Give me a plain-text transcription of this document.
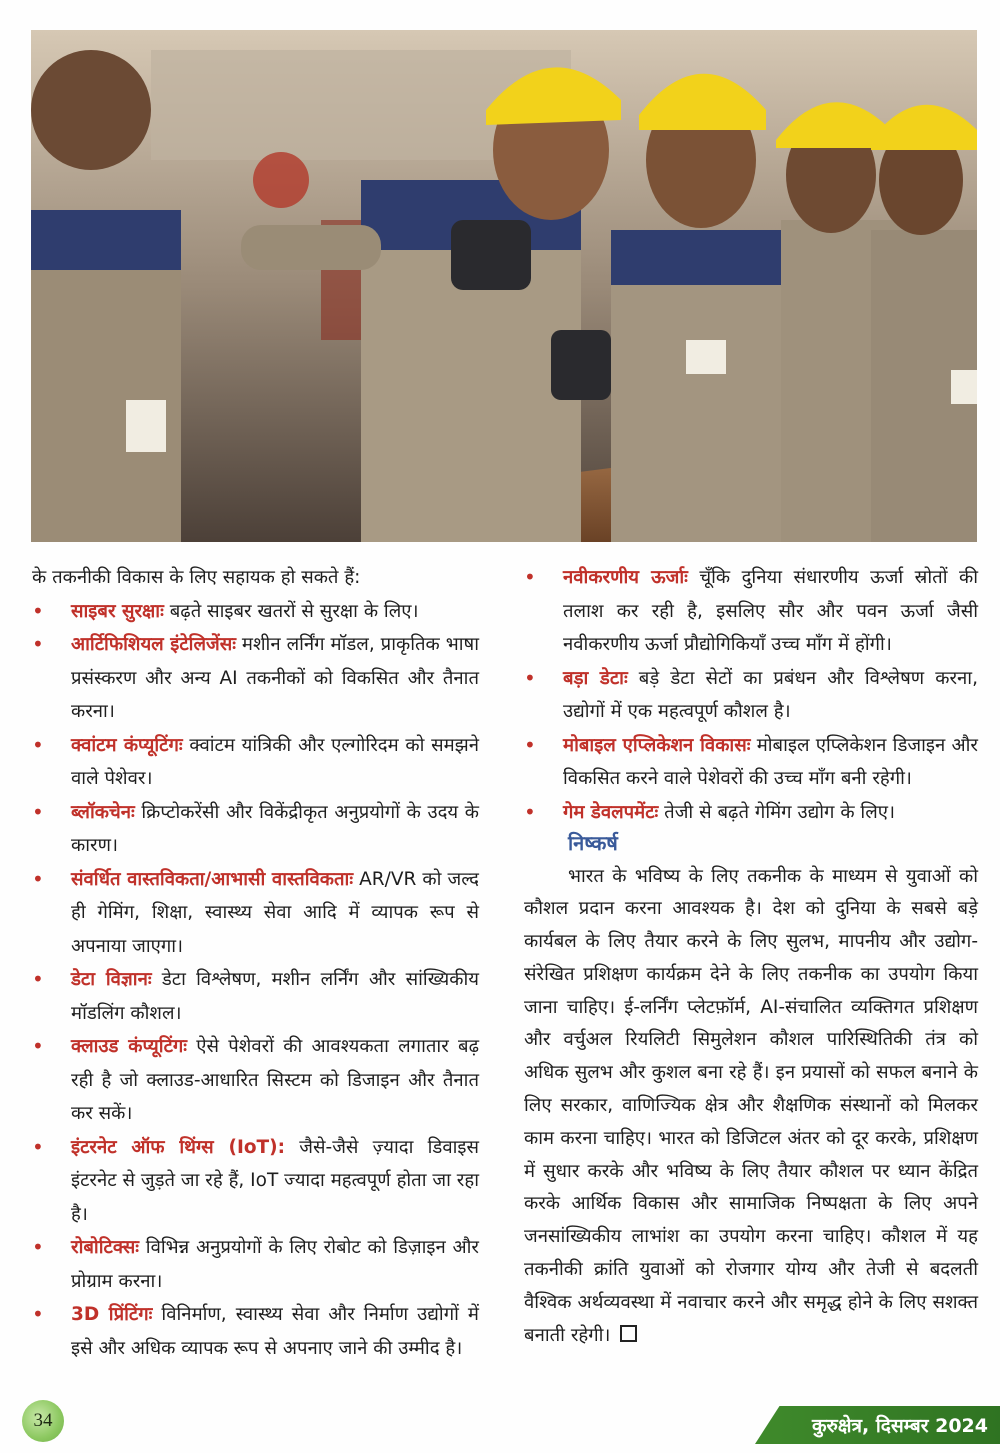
के तकनीकी विकास के लिए सहायक हो सकते हैं:

• साइबर सुरक्षाः बढ़ते साइबर खतरों से सुरक्षा के लिए।

• आर्टिफिशियल इंटेलिजेंसः मशीन लर्निंग मॉडल, प्राकृतिक भाषा प्रसंस्करण और अन्य AI तकनीकों को विकसित और तैनात करना।

• क्वांटम कंप्यूटिंगः क्वांटम यांत्रिकी और एल्गोरिदम को समझने वाले पेशेवर।

• ब्लॉकचेनः क्रिप्टोकरेंसी और विकेंद्रीकृत अनुप्रयोगों के उदय के कारण।

• संवर्धित वास्तविकता/आभासी वास्तविकताः AR/VR को जल्द ही गेमिंग, शिक्षा, स्वास्थ्य सेवा आदि में व्यापक रूप से अपनाया जाएगा।

• डेटा विज्ञानः डेटा विश्लेषण, मशीन लर्निंग और सांख्यिकीय मॉडलिंग कौशल।

• क्लाउड कंप्यूटिंगः ऐसे पेशेवरों की आवश्यकता लगातार बढ़ रही है जो क्लाउड-आधारित सिस्टम को डिजाइन और तैनात कर सकें।

• इंटरनेट ऑफ थिंग्स (IoT): जैसे-जैसे ज़्यादा डिवाइस इंटरनेट से जुड़ते जा रहे हैं, IoT ज्यादा महत्वपूर्ण होता जा रहा है।

• रोबोटिक्सः विभिन्न अनुप्रयोगों के लिए रोबोट को डिज़ाइन और प्रोग्राम करना।

• 3D प्रिंटिंगः विनिर्माण, स्वास्थ्य सेवा और निर्माण उद्योगों में इसे और अधिक व्यापक रूप से अपनाए जाने की उम्मीद है।

• नवीकरणीय ऊर्जाः चूँकि दुनिया संधारणीय ऊर्जा स्रोतों की तलाश कर रही है, इसलिए सौर और पवन ऊर्जा जैसी नवीकरणीय ऊर्जा प्रौद्योगिकियाँ उच्च माँग में होंगी।

• बड़ा डेटाः बड़े डेटा सेटों का प्रबंधन और विश्लेषण करना, उद्योगों में एक महत्वपूर्ण कौशल है।

• मोबाइल एप्लिकेशन विकासः मोबाइल एप्लिकेशन डिजाइन और विकसित करने वाले पेशेवरों की उच्च माँग बनी रहेगी।

• गेम डेवलपमेंटः तेजी से बढ़ते गेमिंग उद्योग के लिए।

निष्कर्ष

भारत के भविष्य के लिए तकनीक के माध्यम से युवाओं को कौशल प्रदान करना आवश्यक है। देश को दुनिया के सबसे बड़े कार्यबल के लिए तैयार करने के लिए सुलभ, मापनीय और उद्योग-संरेखित प्रशिक्षण कार्यक्रम देने के लिए तकनीक का उपयोग किया जाना चाहिए। ई-लर्निंग प्लेटफ़ॉर्म, AI-संचालित व्यक्तिगत प्रशिक्षण और वर्चुअल रियलिटी सिमुलेशन कौशल पारिस्थितिकी तंत्र को अधिक सुलभ और कुशल बना रहे हैं। इन प्रयासों को सफल बनाने के लिए सरकार, वाणिज्यिक क्षेत्र और शैक्षणिक संस्थानों को मिलकर काम करना चाहिए। भारत को डिजिटल अंतर को दूर करके, प्रशिक्षण में सुधार करके और भविष्य के लिए तैयार कौशल पर ध्यान केंद्रित करके आर्थिक विकास और सामाजिक निष्पक्षता के लिए अपने जनसांख्यिकीय लाभांश का उपयोग करना चाहिए। कौशल में यह तकनीकी क्रांति युवाओं को रोजगार योग्य और तेजी से बदलती वैश्विक अर्थव्यवस्था में नवाचार करने और समृद्ध होने के लिए सशक्त बनाती रहेगी।

34	कुरुक्षेत्र, दिसम्बर 2024
